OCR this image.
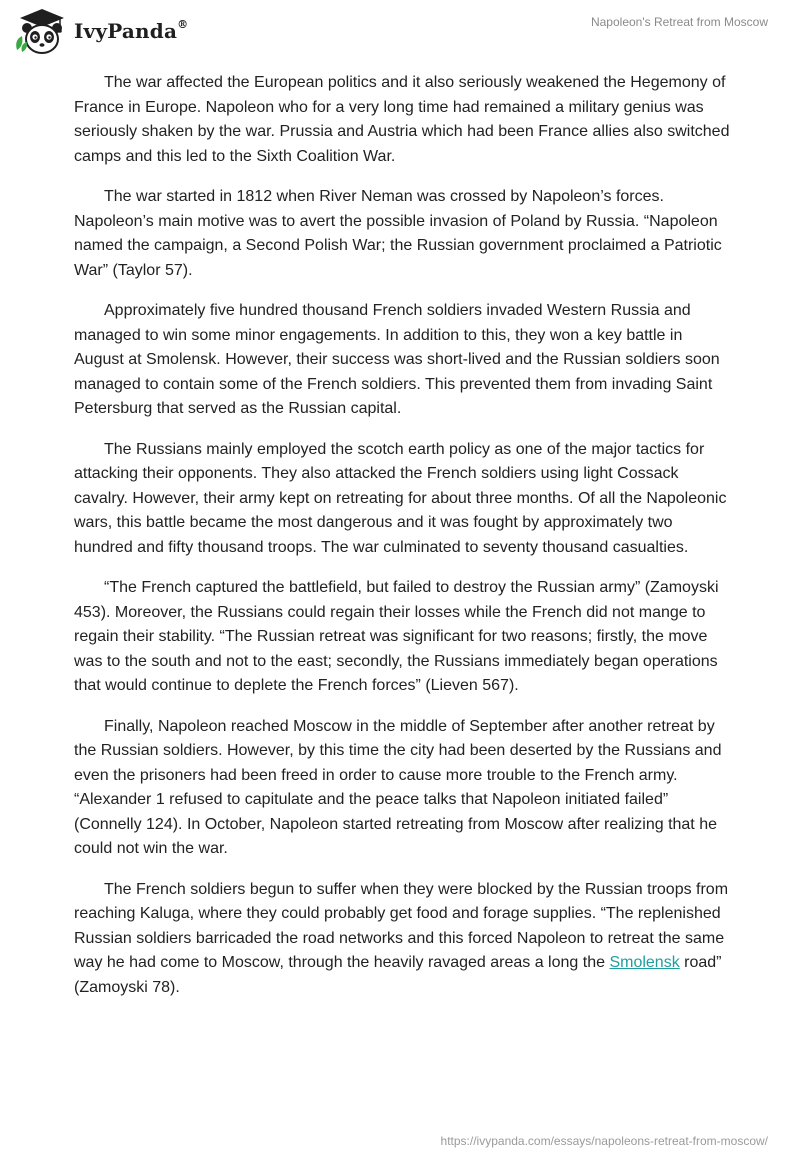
IvyPanda®	Napoleon's Retreat from Moscow

The war affected the European politics and it also seriously weakened the Hegemony of France in Europe. Napoleon who for a very long time had remained a military genius was seriously shaken by the war. Prussia and Austria which had been France allies also switched camps and this led to the Sixth Coalition War.

The war started in 1812 when River Neman was crossed by Napoleon’s forces. Napoleon’s main motive was to avert the possible invasion of Poland by Russia. “Napoleon named the campaign, a Second Polish War; the Russian government proclaimed a Patriotic War” (Taylor 57).

Approximately five hundred thousand French soldiers invaded Western Russia and managed to win some minor engagements. In addition to this, they won a key battle in August at Smolensk. However, their success was short-lived and the Russian soldiers soon managed to contain some of the French soldiers. This prevented them from invading Saint Petersburg that served as the Russian capital.

The Russians mainly employed the scotch earth policy as one of the major tactics for attacking their opponents. They also attacked the French soldiers using light Cossack cavalry. However, their army kept on retreating for about three months. Of all the Napoleonic wars, this battle became the most dangerous and it was fought by approximately two hundred and fifty thousand troops. The war culminated to seventy thousand casualties.

“The French captured the battlefield, but failed to destroy the Russian army” (Zamoyski 453). Moreover, the Russians could regain their losses while the French did not mange to regain their stability. “The Russian retreat was significant for two reasons; firstly, the move was to the south and not to the east; secondly, the Russians immediately began operations that would continue to deplete the French forces” (Lieven 567).

Finally, Napoleon reached Moscow in the middle of September after another retreat by the Russian soldiers. However, by this time the city had been deserted by the Russians and even the prisoners had been freed in order to cause more trouble to the French army. “Alexander 1 refused to capitulate and the peace talks that Napoleon initiated failed” (Connelly 124). In October, Napoleon started retreating from Moscow after realizing that he could not win the war.

The French soldiers begun to suffer when they were blocked by the Russian troops from reaching Kaluga, where they could probably get food and forage supplies. “The replenished Russian soldiers barricaded the road networks and this forced Napoleon to retreat the same way he had come to Moscow, through the heavily ravaged areas a long the Smolensk road” (Zamoyski 78).

https://ivypanda.com/essays/napoleons-retreat-from-moscow/
